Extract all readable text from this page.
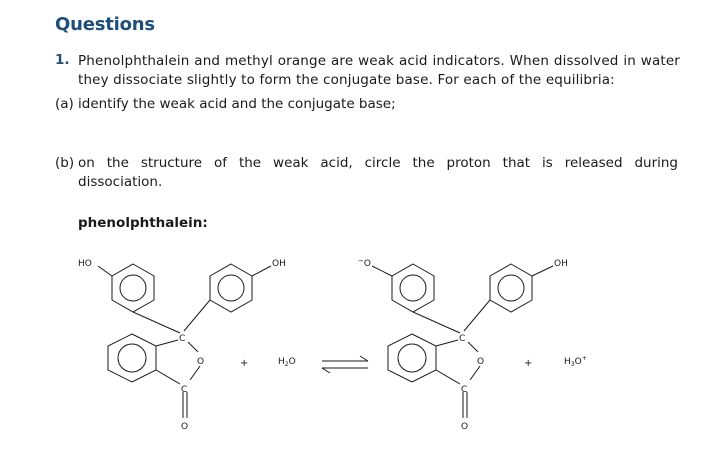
Questions
1. Phenolphthalein and methyl orange are weak acid indicators. When dissolved in water they dissociate slightly to form the conjugate base. For each of the equilibria:
(a) identify the weak acid and the conjugate base;
(b) on the structure of the weak acid, circle the proton that is released during dissociation.
phenolphthalein:
HO	OH
C
O
C
O
+	$H_2O$
−O	OH
C
O
C
O
+	$H_3O^+$
